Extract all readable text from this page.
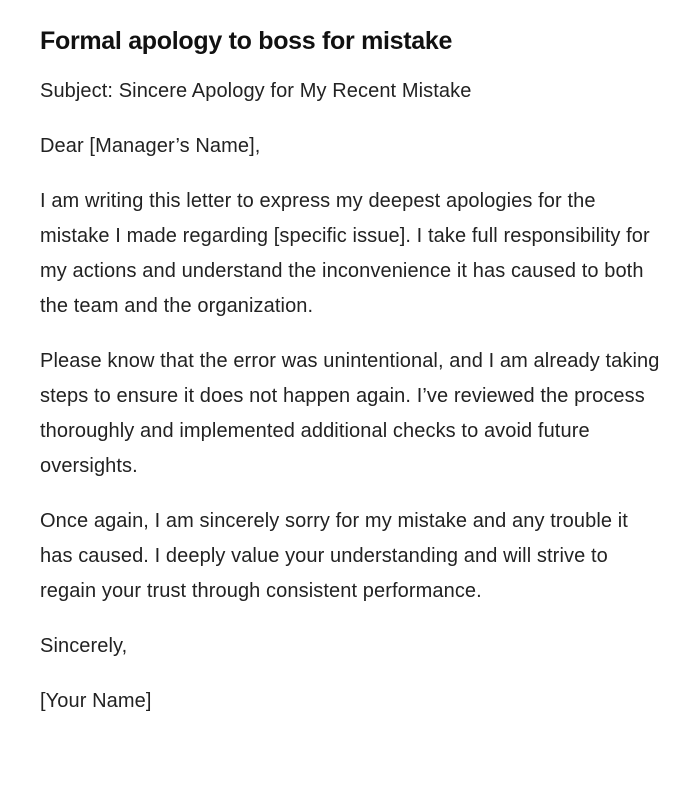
Formal apology to boss for mistake

Subject: Sincere Apology for My Recent Mistake

Dear [Manager’s Name],

I am writing this letter to express my deepest apologies for the mistake I made regarding [specific issue]. I take full responsibility for my actions and understand the inconvenience it has caused to both the team and the organization.

Please know that the error was unintentional, and I am already taking steps to ensure it does not happen again. I’ve reviewed the process thoroughly and implemented additional checks to avoid future oversights.

Once again, I am sincerely sorry for my mistake and any trouble it has caused. I deeply value your understanding and will strive to regain your trust through consistent performance.

Sincerely,

[Your Name]
